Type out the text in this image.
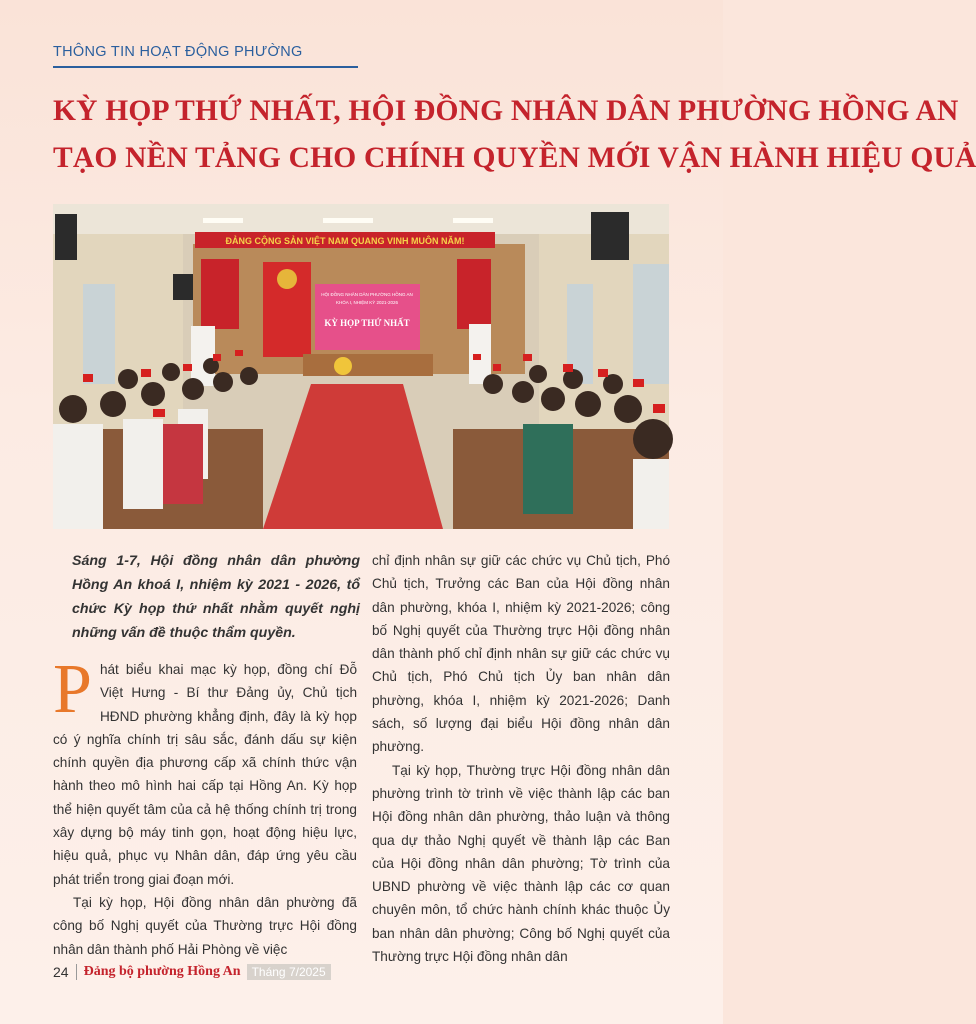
THÔNG TIN HOẠT ĐỘNG PHƯỜNG
KỲ HỌP THỨ NHẤT, HỘI ĐỒNG NHÂN DÂN PHƯỜNG HỒNG AN
TẠO NỀN TẢNG CHO CHÍNH QUYỀN MỚI VẬN HÀNH HIỆU QUẢ
ĐẢNG CỘNG SẢN VIỆT NAM QUANG VINH MUÔN NĂM!
HỘI ĐỒNG NHÂN DÂN PHƯỜNG HỒNG AN
KHÓA I, NHIỆM KỲ 2021-2026
KỲ HỌP THỨ NHẤT
Sáng 1-7, Hội đồng nhân dân phường Hồng An khoá I, nhiệm kỳ 2021 - 2026, tổ chức Kỳ họp thứ nhất nhằm quyết nghị những vấn đề thuộc thẩm quyền.

P hát biểu khai mạc kỳ họp, đồng chí Đỗ Việt Hưng - Bí thư Đảng ủy, Chủ tịch HĐND phường khẳng định, đây là kỳ họp có ý nghĩa chính trị sâu sắc, đánh dấu sự kiện chính quyền địa phương cấp xã chính thức vận hành theo mô hình hai cấp tại Hồng An. Kỳ họp thể hiện quyết tâm của cả hệ thống chính trị trong xây dựng bộ máy tinh gọn, hoạt động hiệu lực, hiệu quả, phục vụ Nhân dân, đáp ứng yêu cầu phát triển trong giai đoạn mới.

Tại kỳ họp, Hội đồng nhân dân phường đã công bố Nghị quyết của Thường trực Hội đồng nhân dân thành phố Hải Phòng về việc

chỉ định nhân sự giữ các chức vụ Chủ tịch, Phó Chủ tịch, Trưởng các Ban của Hội đồng nhân dân phường, khóa I, nhiệm kỳ 2021-2026; công bố Nghị quyết của Thường trực Hội đồng nhân dân thành phố chỉ định nhân sự giữ các chức vụ Chủ tịch, Phó Chủ tịch Ủy ban nhân dân phường, khóa I, nhiệm kỳ 2021-2026; Danh sách, số lượng đại biểu Hội đồng nhân dân phường.

Tại kỳ họp, Thường trực Hội đồng nhân dân phường trình tờ trình về việc thành lập các ban Hội đồng nhân dân phường, thảo luận và thông qua dự thảo Nghị quyết về thành lập các Ban của Hội đồng nhân dân phường; Tờ trình của UBND phường về việc thành lập các cơ quan chuyên môn, tổ chức hành chính khác thuộc Ủy ban nhân dân phường; Công bố Nghị quyết của Thường trực Hội đồng nhân dân

24 Đảng bộ phường Hồng An Tháng 7/2025
